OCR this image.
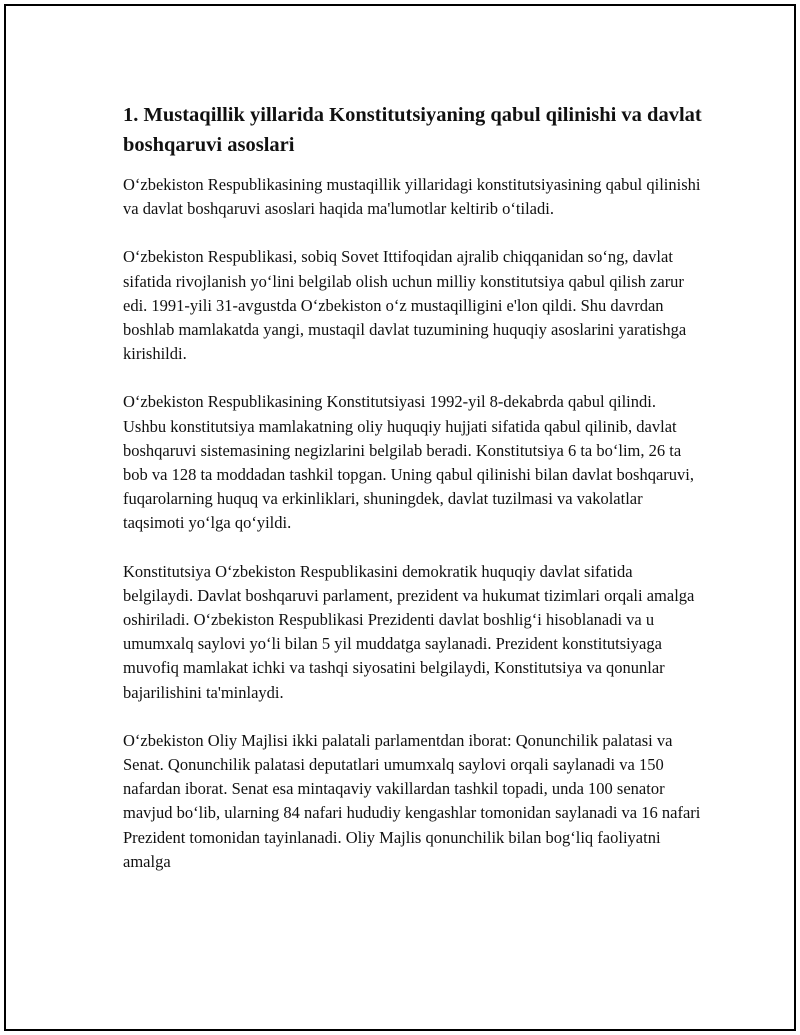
1. Mustaqillik yillarida Konstitutsiyaning qabul qilinishi va davlat boshqaruvi asoslari

O‘zbekiston Respublikasining mustaqillik yillaridagi konstitutsiyasining qabul qilinishi va davlat boshqaruvi asoslari haqida ma'lumotlar keltirib o‘tiladi.

O‘zbekiston Respublikasi, sobiq Sovet Ittifoqidan ajralib chiqqanidan so‘ng, davlat sifatida rivojlanish yo‘lini belgilab olish uchun milliy konstitutsiya qabul qilish zarur edi. 1991-yili 31-avgustda O‘zbekiston o‘z mustaqilligini e'lon qildi. Shu davrdan boshlab mamlakatda yangi, mustaqil davlat tuzumining huquqiy asoslarini yaratishga kirishildi.

O‘zbekiston Respublikasining Konstitutsiyasi 1992-yil 8-dekabrda qabul qilindi. Ushbu konstitutsiya mamlakatning oliy huquqiy hujjati sifatida qabul qilinib, davlat boshqaruvi sistemasining negizlarini belgilab beradi. Konstitutsiya 6 ta bo‘lim, 26 ta bob va 128 ta moddadan tashkil topgan. Uning qabul qilinishi bilan davlat boshqaruvi, fuqarolarning huquq va erkinliklari, shuningdek, davlat tuzilmasi va vakolatlar taqsimoti yo‘lga qo‘yildi.

Konstitutsiya O‘zbekiston Respublikasini demokratik huquqiy davlat sifatida belgilaydi. Davlat boshqaruvi parlament, prezident va hukumat tizimlari orqali amalga oshiriladi. O‘zbekiston Respublikasi Prezidenti davlat boshlig‘i hisoblanadi va u umumxalq saylovi yo‘li bilan 5 yil muddatga saylanadi. Prezident konstitutsiyaga muvofiq mamlakat ichki va tashqi siyosatini belgilaydi, Konstitutsiya va qonunlar bajarilishini ta'minlaydi.

O‘zbekiston Oliy Majlisi ikki palatali parlamentdan iborat: Qonunchilik palatasi va Senat. Qonunchilik palatasi deputatlari umumxalq saylovi orqali saylanadi va 150 nafardan iborat. Senat esa mintaqaviy vakillardan tashkil topadi, unda 100 senator mavjud bo‘lib, ularning 84 nafari hududiy kengashlar tomonidan saylanadi va 16 nafari Prezident tomonidan tayinlanadi. Oliy Majlis qonunchilik bilan bog‘liq faoliyatni amalga
